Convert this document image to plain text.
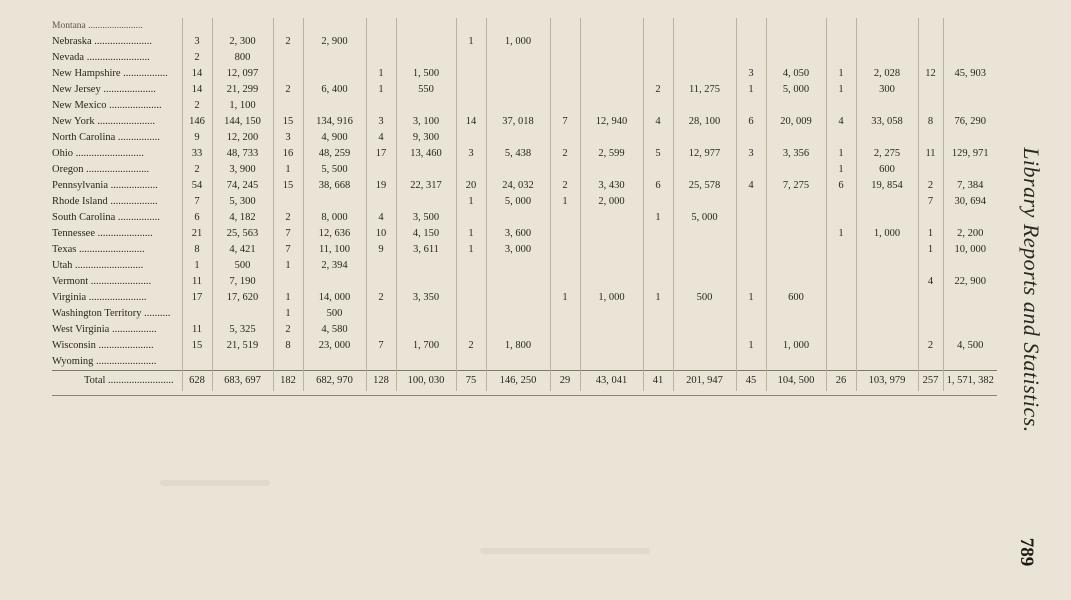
Montana .......................																		
Nebraska ......................	3	2, 300	2	2, 900			1	1, 000										
Nevada ........................	2	800																
New Hampshire .................	14	12, 097			1	1, 500							3	4, 050	1	2, 028	12	45, 903
New Jersey ....................	14	21, 299	2	6, 400	1	550					2	11, 275	1	5, 000	1	300		
New Mexico ....................	2	1, 100																
New York ......................	146	144, 150	15	134, 916	3	3, 100	14	37, 018	7	12, 940	4	28, 100	6	20, 009	4	33, 058	8	76, 290
North Carolina ................	9	12, 200	3	4, 900	4	9, 300												
Ohio ..........................	33	48, 733	16	48, 259	17	13, 460	3	5, 438	2	2, 599	5	12, 977	3	3, 356	1	2, 275	11	129, 971
Oregon ........................	2	3, 900	1	5, 500											1	600		
Pennsylvania ..................	54	74, 245	15	38, 668	19	22, 317	20	24, 032	2	3, 430	6	25, 578	4	7, 275	6	19, 854	2	7, 384
Rhode Island ..................	7	5, 300					1	5, 000	1	2, 000							7	30, 694
South Carolina ................	6	4, 182	2	8, 000	4	3, 500					1	5, 000						
Tennessee .....................	21	25, 563	7	12, 636	10	4, 150	1	3, 600							1	1, 000	1	2, 200
Texas .........................	8	4, 421	7	11, 100	9	3, 611	1	3, 000									1	10, 000
Utah ..........................	1	500	1	2, 394														
Vermont .......................	11	7, 190															4	22, 900
Virginia ......................	17	17, 620	1	14, 000	2	3, 350			1	1, 000	1	500	1	600				
Washington Territory ..........			1	500														
West Virginia .................	11	5, 325	2	4, 580														
Wisconsin .....................	15	21, 519	8	23, 000	7	1, 700	2	1, 800					1	1, 000			2	4, 500
Wyoming .......................																		
Total .........................	628	683, 697	182	682, 970	128	100, 030	75	146, 250	29	43, 041	41	201, 947	45	104, 500	26	103, 979	257	1, 571, 382 Library Reports and Statistics.
789
